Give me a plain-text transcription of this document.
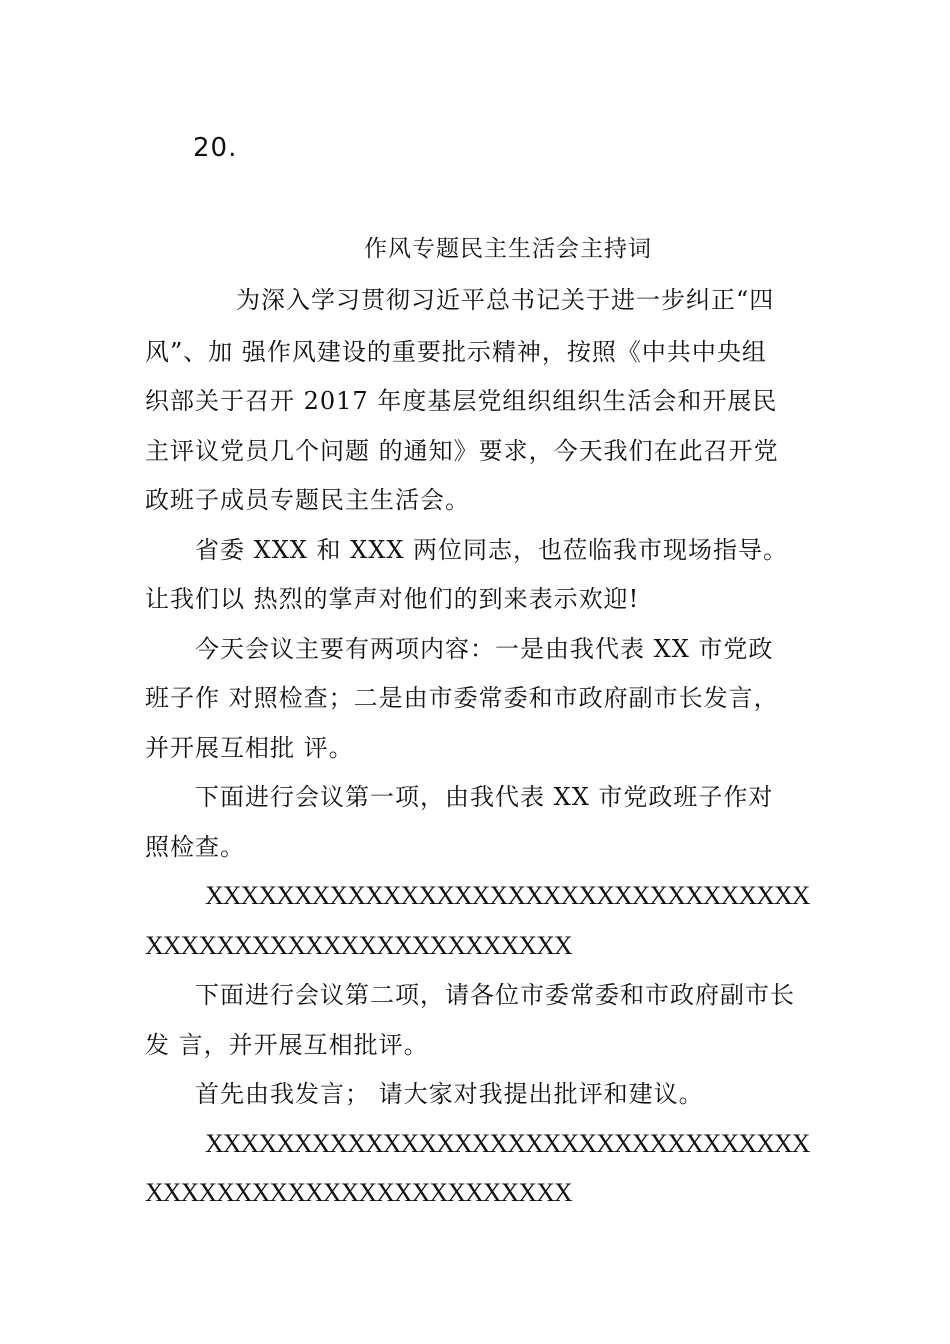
20.
作风专题民主生活会主持词
为深入学习贯彻习近平总书记关于进一步纠正“四
风”、加 强作风建设的重要批示精神，按照《中共中央组
织部关于召开 2017 年度基层党组织组织生活会和开展民
主评议党员几个问题 的通知》要求，今天我们在此召开党
政班子成员专题民主生活会。
省委 XXX 和 XXX 两位同志，也莅临我市现场指导。
让我们以 热烈的掌声对他们的到来表示欢迎!
今天会议主要有两项内容：一是由我代表 XX 市党政
班子作 对照检查；二是由市委常委和市政府副市长发言，
并开展互相批 评。
下面进行会议第一项，由我代表 XX 市党政班子作对
照检查。
XXXXXXXXXXXXXXXXXXXXXXXXXXXXXXXXXX
XXXXXXXXXXXXXXXXXXXXXXXX
下面进行会议第二项，请各位市委常委和市政府副市长
发 言，并开展互相批评。
首先由我发言； 请大家对我提出批评和建议。
XXXXXXXXXXXXXXXXXXXXXXXXXXXXXXXXXX
XXXXXXXXXXXXXXXXXXXXXXXX
